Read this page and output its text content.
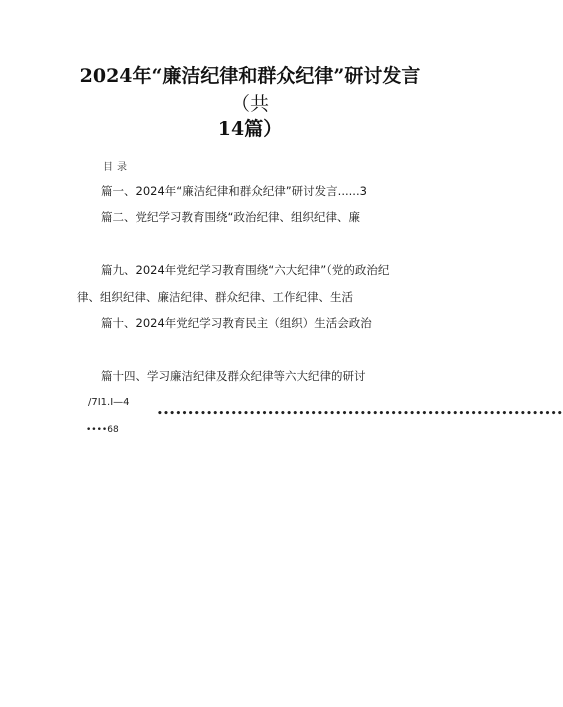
2024年“廉洁纪律和群众纪律”研讨发言
（共
14篇）
目录
篇一、2024年“廉洁纪律和群众纪律”研讨发言......3
篇二、党纪学习教育围绕“政治纪律、组织纪律、廉
篇九、2024年党纪学习教育围绕“六大纪律”（党的政治纪
律、组织纪律、廉洁纪律、群众纪律、工作纪律、生活
篇十、2024年党纪学习教育民主（组织）生活会政治
篇十四、学习廉洁纪律及群众纪律等六大纪律的研讨
/7I1.I—4
••••••••••••••••••••••••••••••••••••••••••••••••••••••••••••••••••
••••68
